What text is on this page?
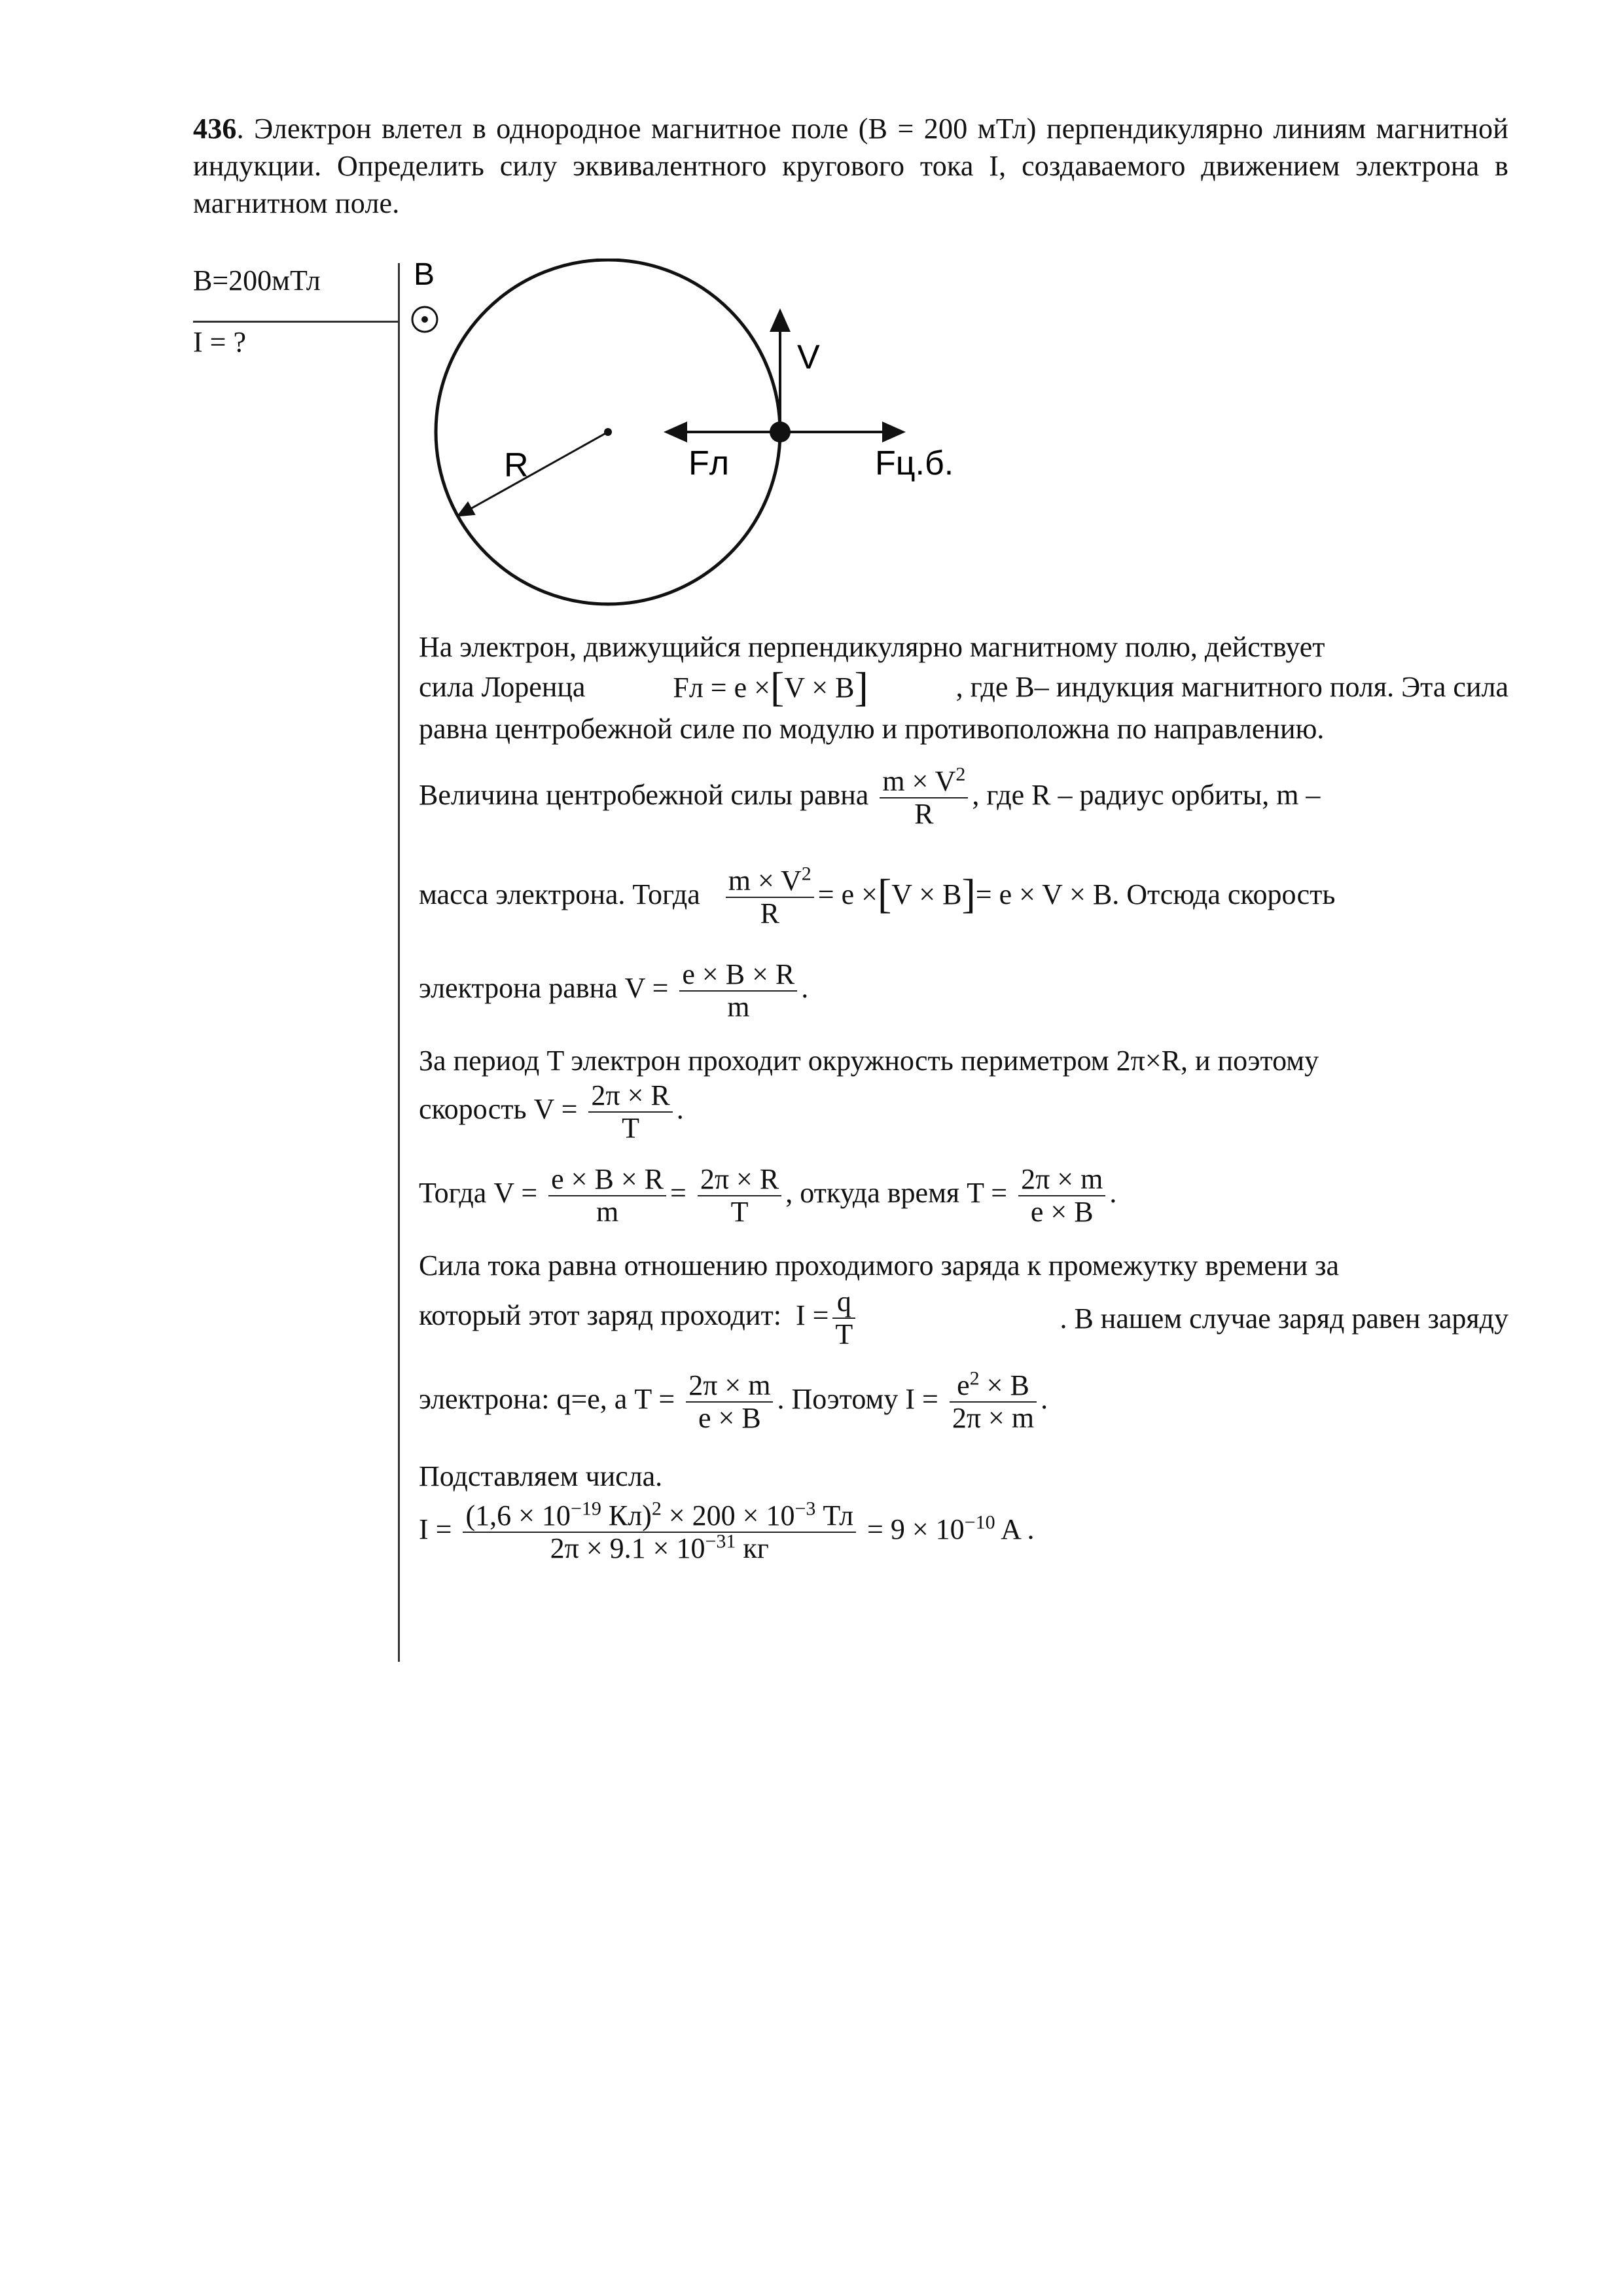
436. Электрон влетел в однородное магнитное поле (B = 200 мТл) перпендикулярно линиям магнитной индукции. Определить силу эквивалентного кругового тока I, создаваемого движением электрона в магнитном поле.
B=200мТл
I = ?
B
R
V
Fл	Fц.б.
На электрон, движущийся перпендикулярно магнитному полю, действует
сила Лоренца	Fл = e ×[V × B]	, где B– индукция магнитного поля. Эта сила
равна центробежной силе по модулю и противоположна по направлению.
Величина центробежной силы равна $\frac{m \times V^2}{R}$ , где R – радиус орбиты, m –
масса электрона. Тогда $\frac{m \times V^2}{R} = e \times[V \times B]= e \times V \times B$. Отсюда скорость
электрона равна $V = \frac{e \times B \times R}{m}$ .
За период T электрон проходит окружность периметром 2π×R, и поэтому
скорость $V = \frac{2\pi \times R}{T}$ .
Тогда $V = \frac{e \times B \times R}{m} = \frac{2\pi \times R}{T}$ , откуда время $T = \frac{2\pi \times m}{e \times B}$ .
Сила тока равна отношению проходимого заряда к промежутку времени за
который этот заряд проходит: $I = \frac{q}{T}$	. В нашем случае заряд равен заряду
электрона: q=e, а $T = \frac{2\pi \times m}{e \times B}$ . Поэтому $I = \frac{e^2 \times B}{2\pi \times m}$ .
Подставляем числа.
$I = \frac{(1,6 \times 10^{-19} Кл)^2 \times 200 \times 10^{-3} Тл}{2\pi \times 9.1 \times 10^{-31} кг} = 9 \times 10^{-10}$ A .
